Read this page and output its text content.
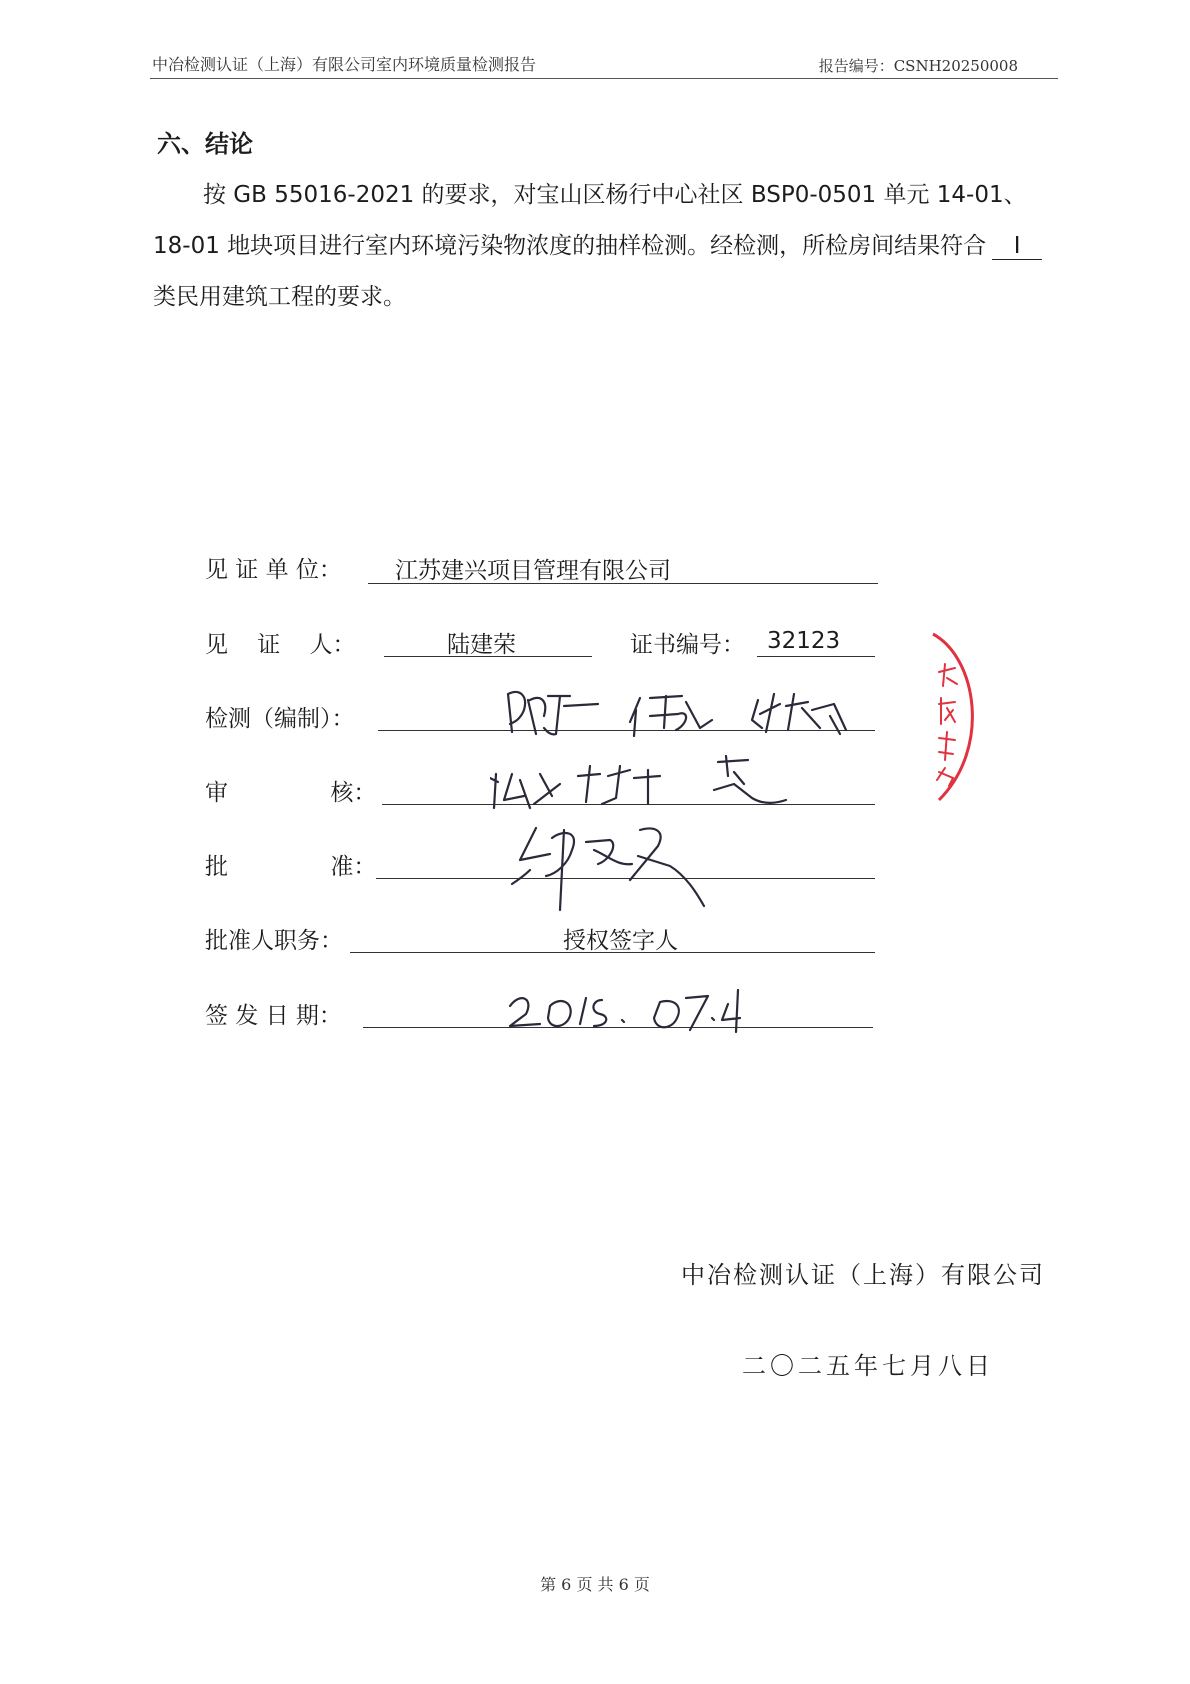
中冶检测认证（上海）有限公司室内环境质量检测报告	报告编号：CSNH20250008
六、结论
按 GB 55016-2021 的要求，对宝山区杨行中心社区 BSP0-0501 单元 14-01、18-01 地块项目进行室内环境污染物浓度的抽样检测。经检测，所检房间结果符合 I类民用建筑工程的要求。
见 证 单 位： 江苏建兴项目管理有限公司
见    证    人：	陆建荣	证书编号： 32123
检测（编制）：
审              核：
批              准：
批准人职务：	授权签字人
签 发 日 期：
中冶检测认证（上海）有限公司
二〇二五年七月八日
第 6 页 共 6 页
